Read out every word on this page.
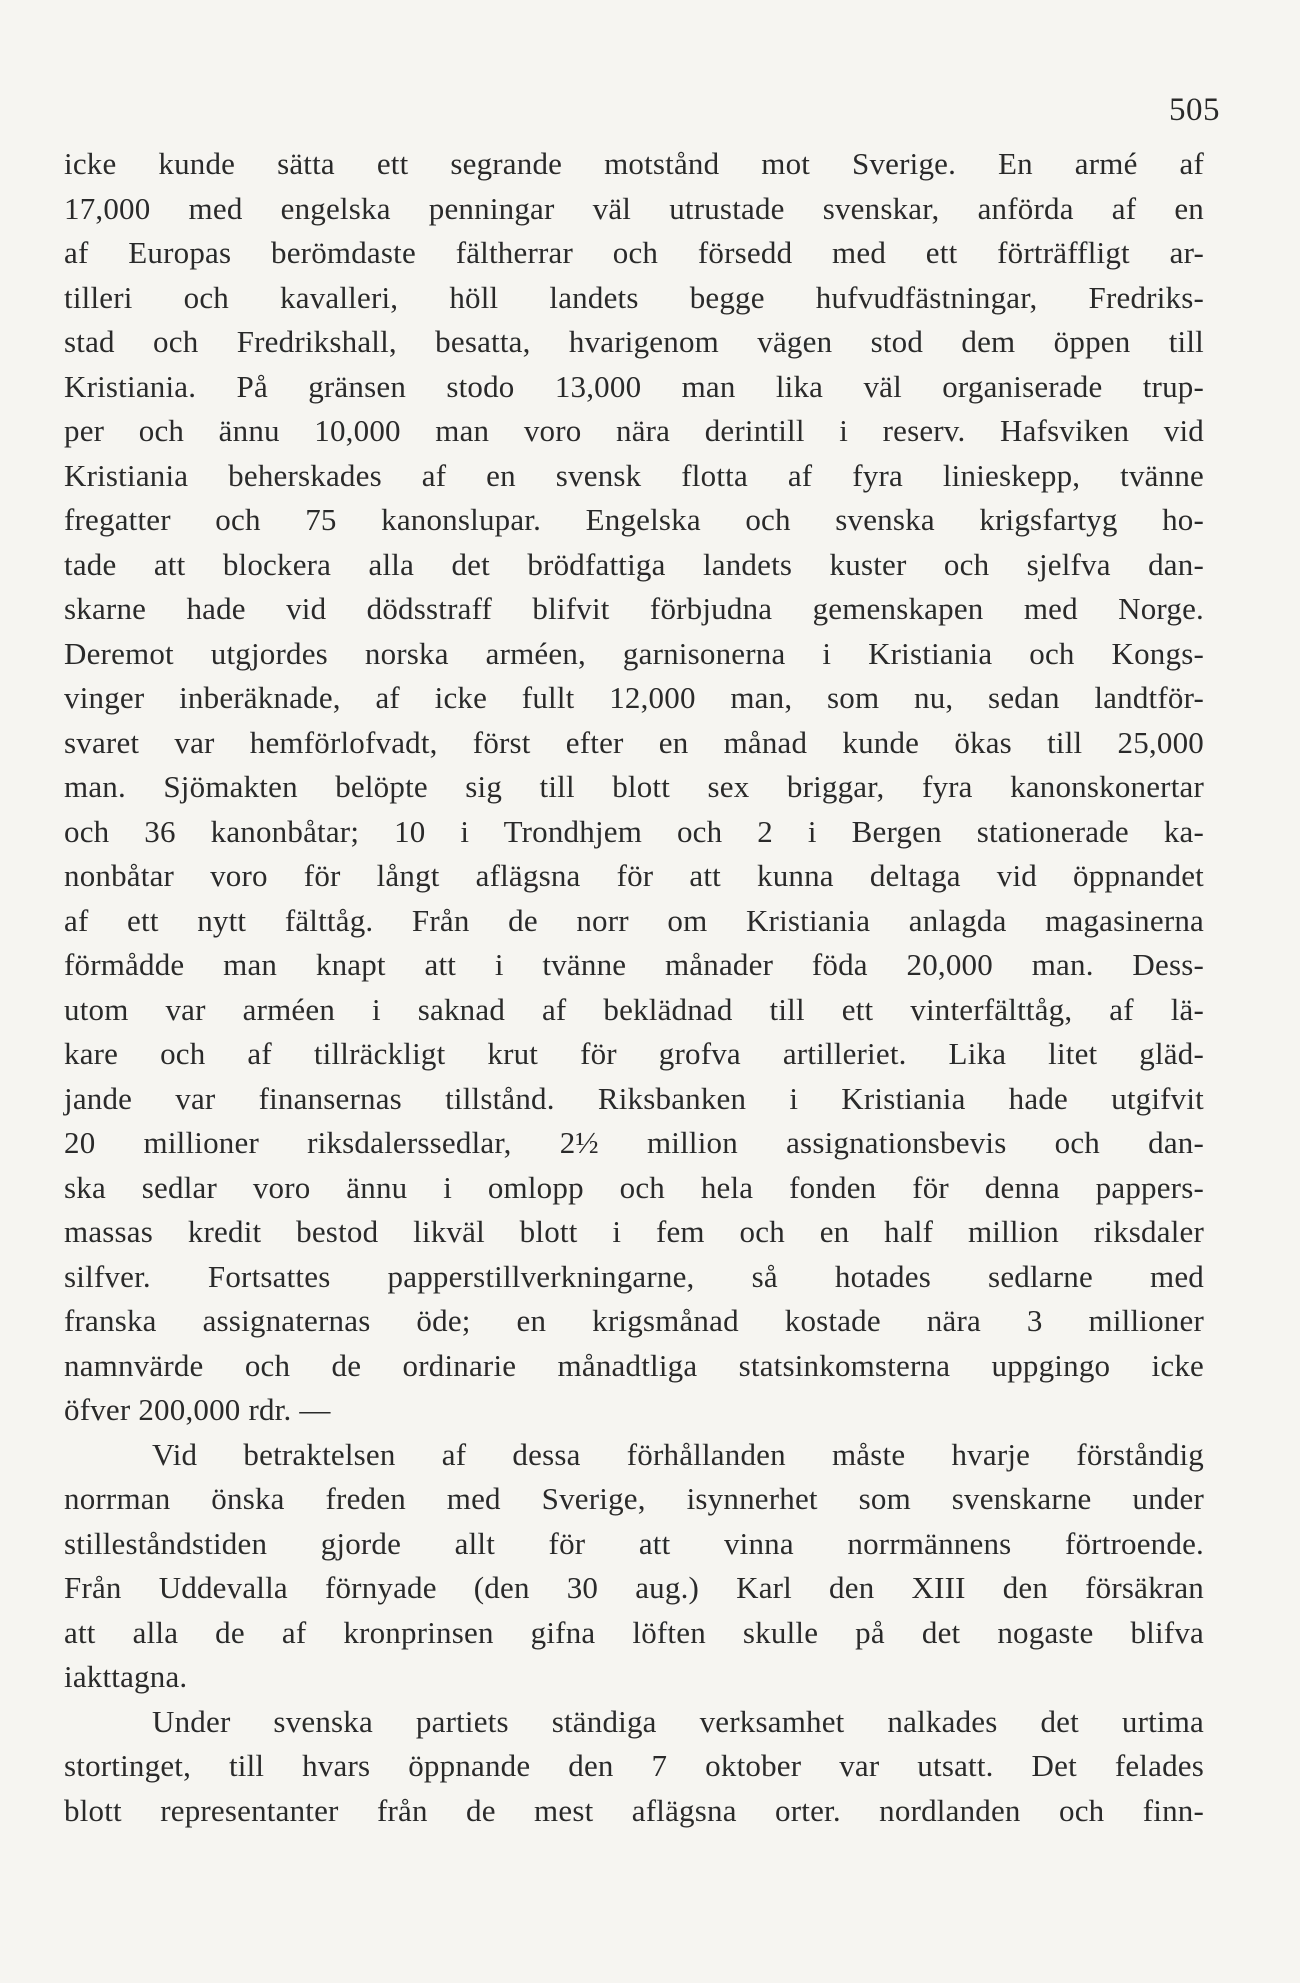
505
icke kunde sätta ett segrande motstånd mot Sverige. En armé af
17,000 med engelska penningar väl utrustade svenskar, anförda af en
af Europas berömdaste fältherrar och försedd med ett förträffligt ar-
tilleri och kavalleri, höll landets begge hufvudfästningar, Fredriks-
stad och Fredrikshall, besatta, hvarigenom vägen stod dem öppen till
Kristiania. På gränsen stodo 13,000 man lika väl organiserade trup-
per och ännu 10,000 man voro nära derintill i reserv. Hafsviken vid
Kristiania beherskades af en svensk flotta af fyra linieskepp, tvänne
fregatter och 75 kanonslupar. Engelska och svenska krigsfartyg ho-
tade att blockera alla det brödfattiga landets kuster och sjelfva dan-
skarne hade vid dödsstraff blifvit förbjudna gemenskapen med Norge.
Deremot utgjordes norska arméen, garnisonerna i Kristiania och Kongs-
vinger inberäknade, af icke fullt 12,000 man, som nu, sedan landtför-
svaret var hemförlofvadt, först efter en månad kunde ökas till 25,000
man. Sjömakten belöpte sig till blott sex briggar, fyra kanonskonertar
och 36 kanonbåtar; 10 i Trondhjem och 2 i Bergen stationerade ka-
nonbåtar voro för långt aflägsna för att kunna deltaga vid öppnandet
af ett nytt fälttåg. Från de norr om Kristiania anlagda magasinerna
förmådde man knapt att i tvänne månader föda 20,000 man. Dess-
utom var arméen i saknad af beklädnad till ett vinterfälttåg, af lä-
kare och af tillräckligt krut för grofva artilleriet. Lika litet gläd-
jande var finansernas tillstånd. Riksbanken i Kristiania hade utgifvit
20 millioner riksdalerssedlar, 2½ million assignationsbevis och dan-
ska sedlar voro ännu i omlopp och hela fonden för denna pappers-
massas kredit bestod likväl blott i fem och en half million riksdaler
silfver. Fortsattes papperstillverkningarne, så hotades sedlarne med
franska assignaternas öde; en krigsmånad kostade nära 3 millioner
namnvärde och de ordinarie månadtliga statsinkomsterna uppgingo icke
öfver 200,000 rdr. —
Vid betraktelsen af dessa förhållanden måste hvarje förståndig
norrman önska freden med Sverige, isynnerhet som svenskarne under
stilleståndstiden gjorde allt för att vinna norrmännens förtroende.
Från Uddevalla förnyade (den 30 aug.) Karl den XIII den försäkran
att alla de af kronprinsen gifna löften skulle på det nogaste blifva
iakttagna.
Under svenska partiets ständiga verksamhet nalkades det urtima
stortinget, till hvars öppnande den 7 oktober var utsatt. Det felades
blott representanter från de mest aflägsna orter. nordlanden och finn-
